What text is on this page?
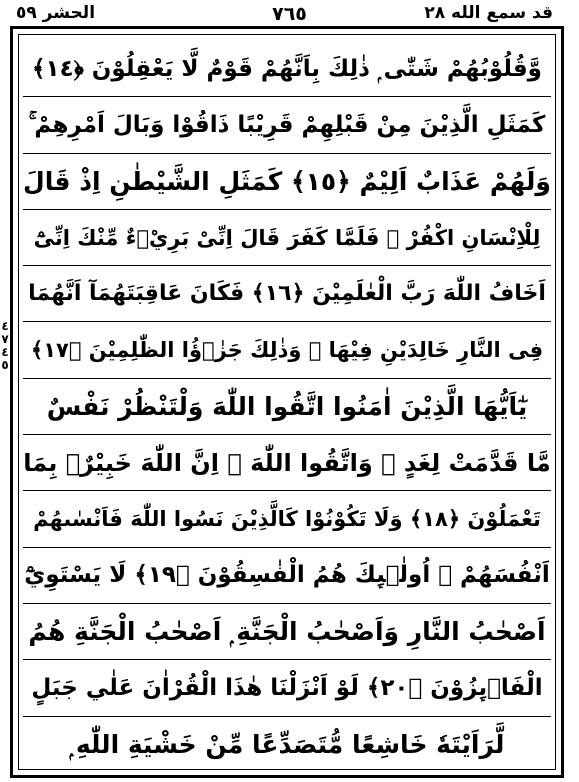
الحشر ٥٩	٧٦٥	قد سمع الله ٢٨
٤
٧
٤
٥
وَّقُلُوْبُهُمْ شَتّٰى ۭ ذٰلِكَ بِاَنَّهُمْ قَوْمٌ لَّا يَعْقِلُوْنَ ﴿١٤﴾
كَمَثَلِ الَّذِيْنَ مِنْ قَبْلِهِمْ قَرِيْبًا ذَاقُوْا وَبَالَ اَمْرِهِمْ ۚ
وَلَهُمْ عَذَابٌ اَلِيْمٌ ﴿١٥﴾ كَمَثَلِ الشَّيْطٰنِ اِذْ قَالَ
لِلْاِنْسَانِ اكْفُرْ ۚ فَلَمَّا كَفَرَ قَالَ اِنِّىْ بَرِيْۗءٌ مِّنْكَ اِنِّىْٓ
اَخَافُ اللّٰهَ رَبَّ الْعٰلَمِيْنَ ﴿١٦﴾ فَكَانَ عَاقِبَتَهُمَآ اَنَّهُمَا
فِى النَّارِ خَالِدَيْنِ فِيْهَا ۭ وَذٰلِكَ جَزٰۗؤُا الظّٰلِمِيْنَ ﴿١٧﴾
يٰٓاَيُّهَا الَّذِيْنَ اٰمَنُوا اتَّقُوا اللّٰهَ وَلْتَنْظُرْ نَفْسٌ
مَّا قَدَّمَتْ لِغَدٍ ۚ وَاتَّقُوا اللّٰهَ ۭ اِنَّ اللّٰهَ خَبِيْرٌۢ بِمَا
تَعْمَلُوْنَ ﴿١٨﴾ وَلَا تَكُوْنُوْا كَالَّذِيْنَ نَسُوا اللّٰهَ فَاَنْسٰىهُمْ
اَنْفُسَهُمْ ۭ اُولٰۗىِٕكَ هُمُ الْفٰسِقُوْنَ ﴿١٩﴾ لَا يَسْتَوِيْٓ
اَصْحٰبُ النَّارِ وَاَصْحٰبُ الْجَنَّةِ ۭ اَصْحٰبُ الْجَنَّةِ هُمُ
الْفَاۗىِٕزُوْنَ ﴿٢٠﴾ لَوْ اَنْزَلْنَا هٰذَا الْقُرْاٰنَ عَلٰي جَبَلٍ
لَّرَاَيْتَهٗ خَاشِعًا مُّتَصَدِّعًا مِّنْ خَشْيَةِ اللّٰهِ ۭ
